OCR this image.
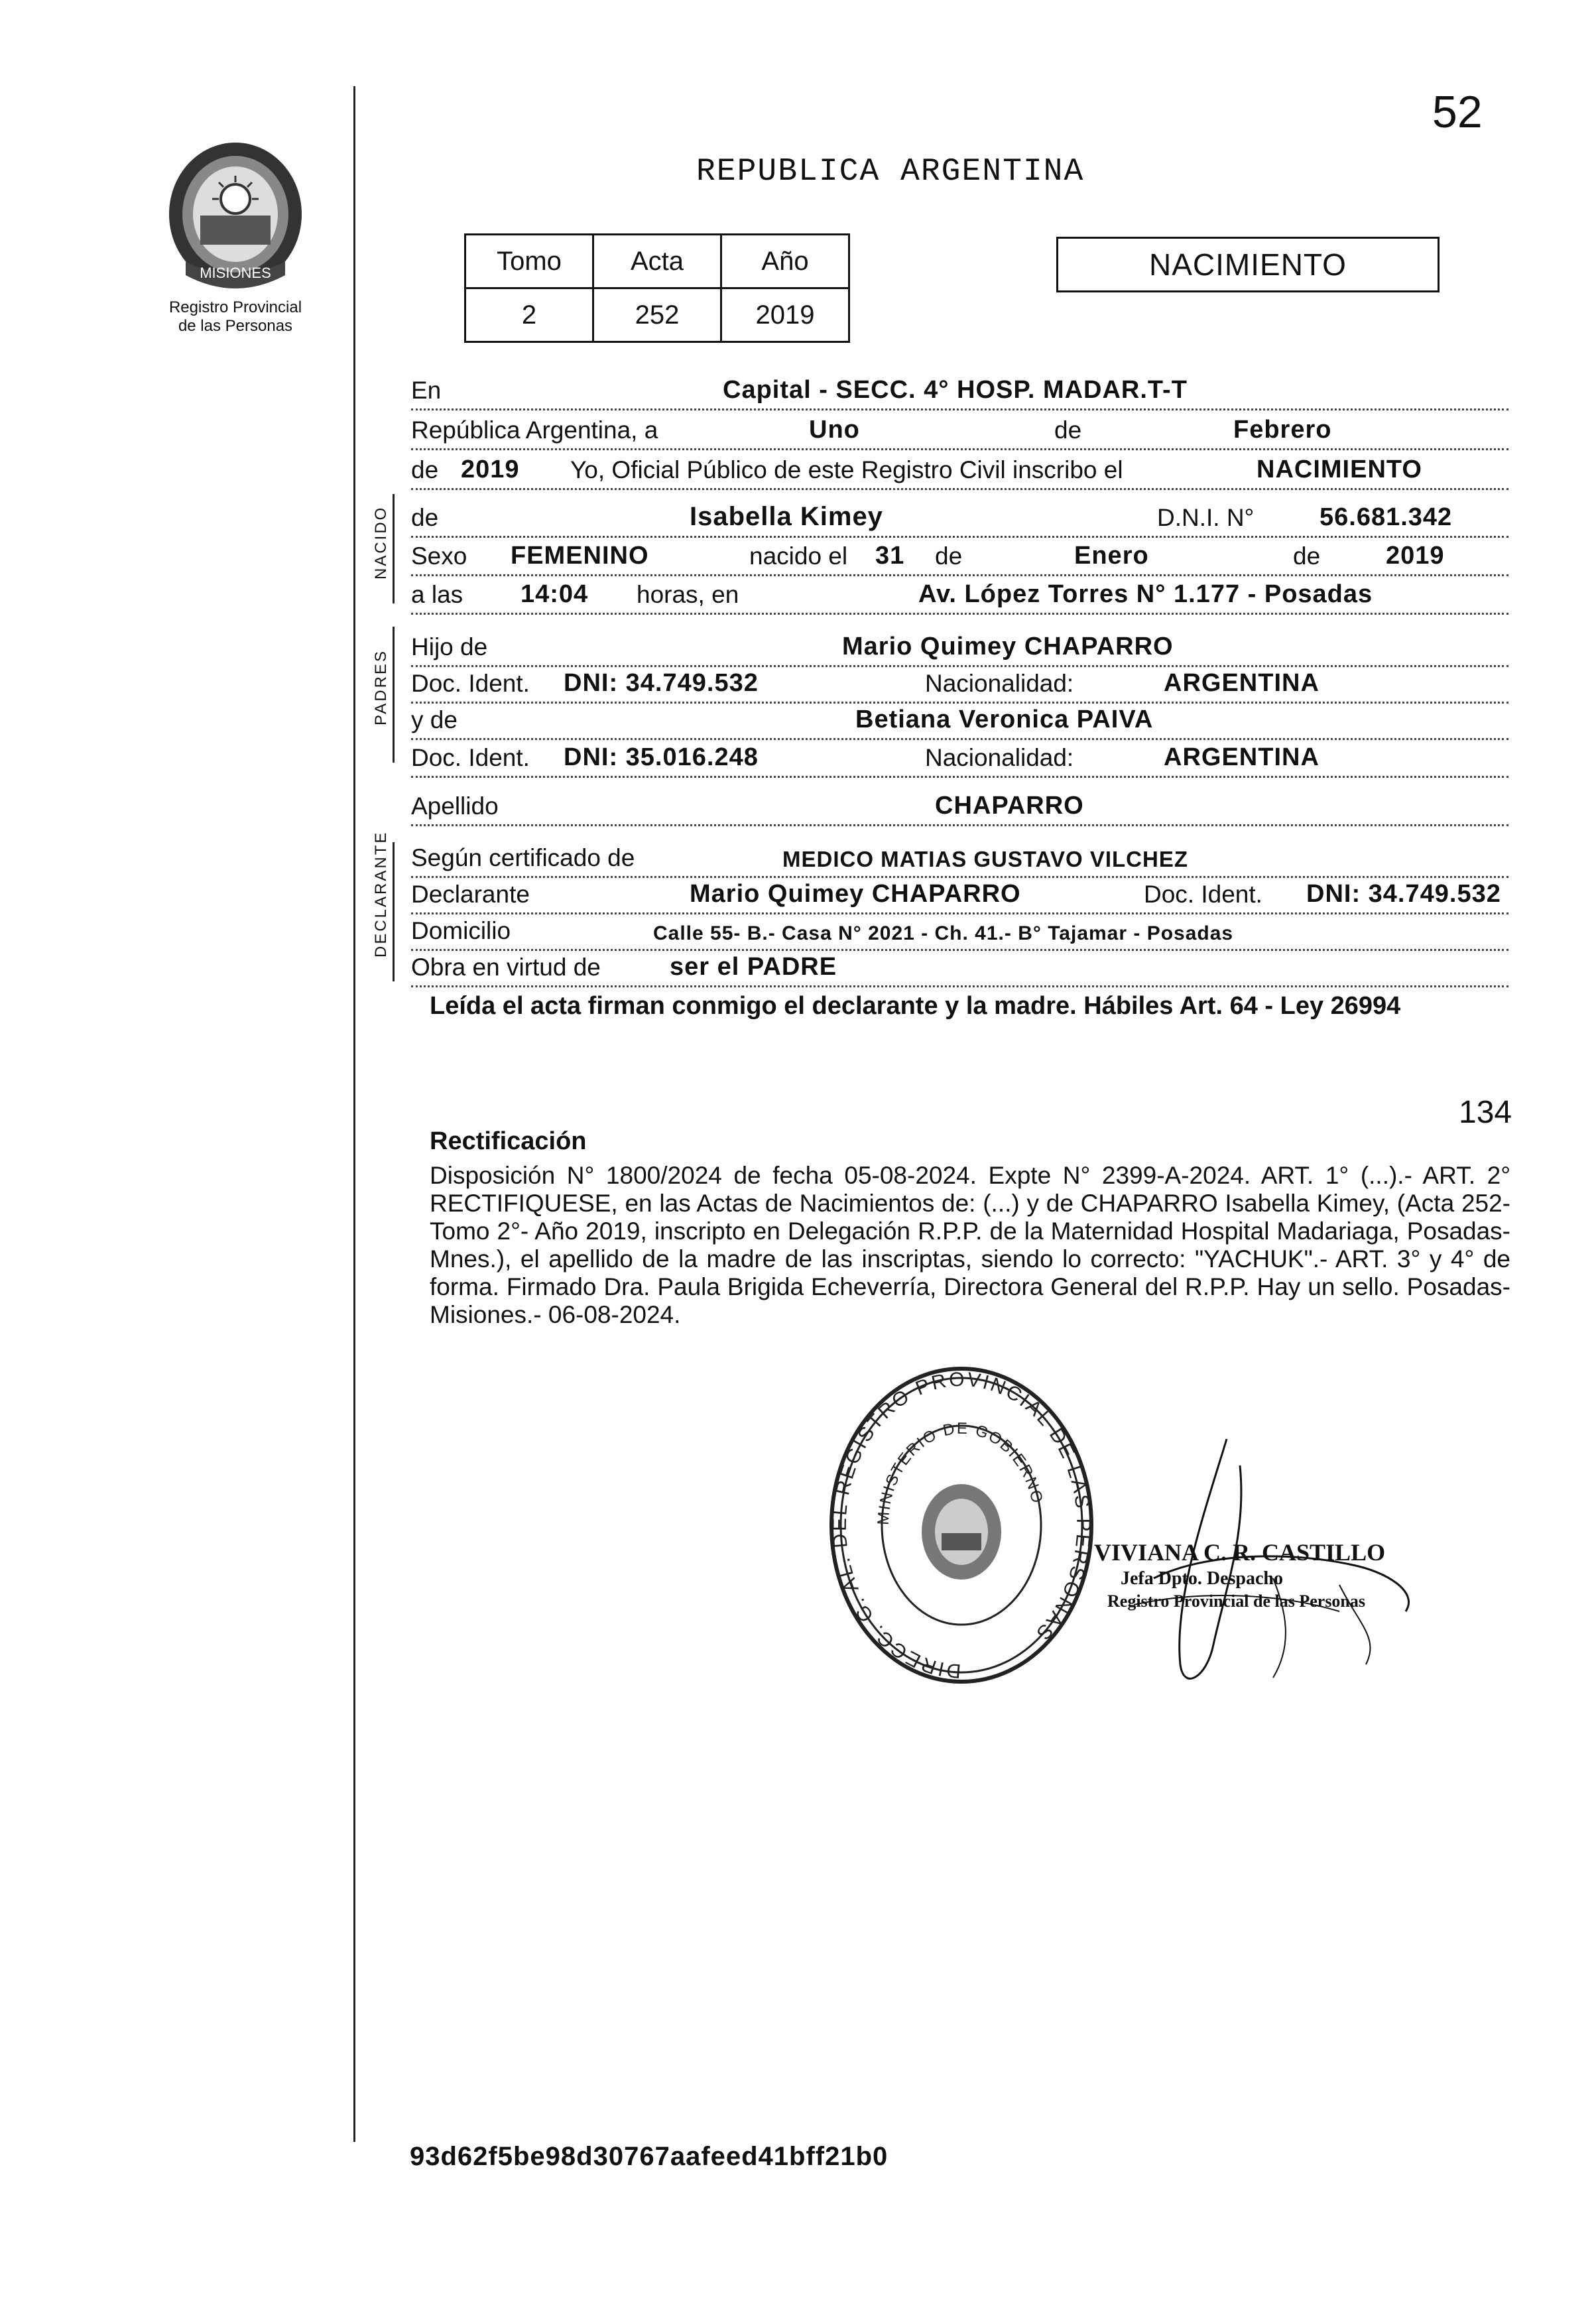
52
MISIONES
Registro Provincial
de las Personas
REPUBLICA ARGENTINA
Tomo	Acta	Año
2	252	2019
NACIMIENTO
NACIDO
PADRES
DECLARANTE
En	Capital - SECC. 4° HOSP. MADAR.T-T
República Argentina, a	Uno	de	Febrero
de 2019 Yo, Oficial Público de este Registro Civil inscribo el	NACIMIENTO
de	Isabella Kimey	D.N.I. N°	56.681.342
Sexo FEMENINO	nacido el 31 de	Enero	de	2019
a las 14:04 horas, en	Av. López Torres N° 1.177 - Posadas
Hijo de	Mario Quimey CHAPARRO
Doc. Ident. DNI: 34.749.532	Nacionalidad:	ARGENTINA
y de	Betiana Veronica PAIVA
Doc. Ident. DNI: 35.016.248	Nacionalidad:	ARGENTINA
Apellido	CHAPARRO
Según certificado de	MEDICO MATIAS GUSTAVO VILCHEZ
Declarante	Mario Quimey CHAPARRO	Doc. Ident. DNI: 34.749.532
Domicilio	Calle 55- B.- Casa N° 2021 - Ch. 41.- B° Tajamar - Posadas
Obra en virtud de	ser el PADRE
Leída el acta firman conmigo el declarante y la madre. Hábiles Art. 64 - Ley 26994
134
Rectificación
Disposición N° 1800/2024 de fecha 05-08-2024. Expte N° 2399-A-2024. ART. 1° (...).- ART. 2° RECTIFIQUESE, en las Actas de Nacimientos de: (...) y de CHAPARRO Isabella Kimey, (Acta 252- Tomo 2°- Año 2019, inscripto en Delegación R.P.P. de la Maternidad Hospital Madariaga, Posadas-Mnes.), el apellido de la madre de las inscriptas, siendo lo correcto: "YACHUK".- ART. 3° y 4° de forma. Firmado Dra. Paula Brigida Echeverría, Directora General del R.P.P. Hay un sello. Posadas- Misiones.- 06-08-2024.
DIRECC. G. AL. DEL REGISTRO PROVINCIAL DE LAS PERSONAS
MINISTERIO DE GOBIERNO
VIVIANA C. R. CASTILLO
Jefa Dpto. Despacho
Registro Provincial de las Personas
93d62f5be98d30767aafeed41bff21b0
